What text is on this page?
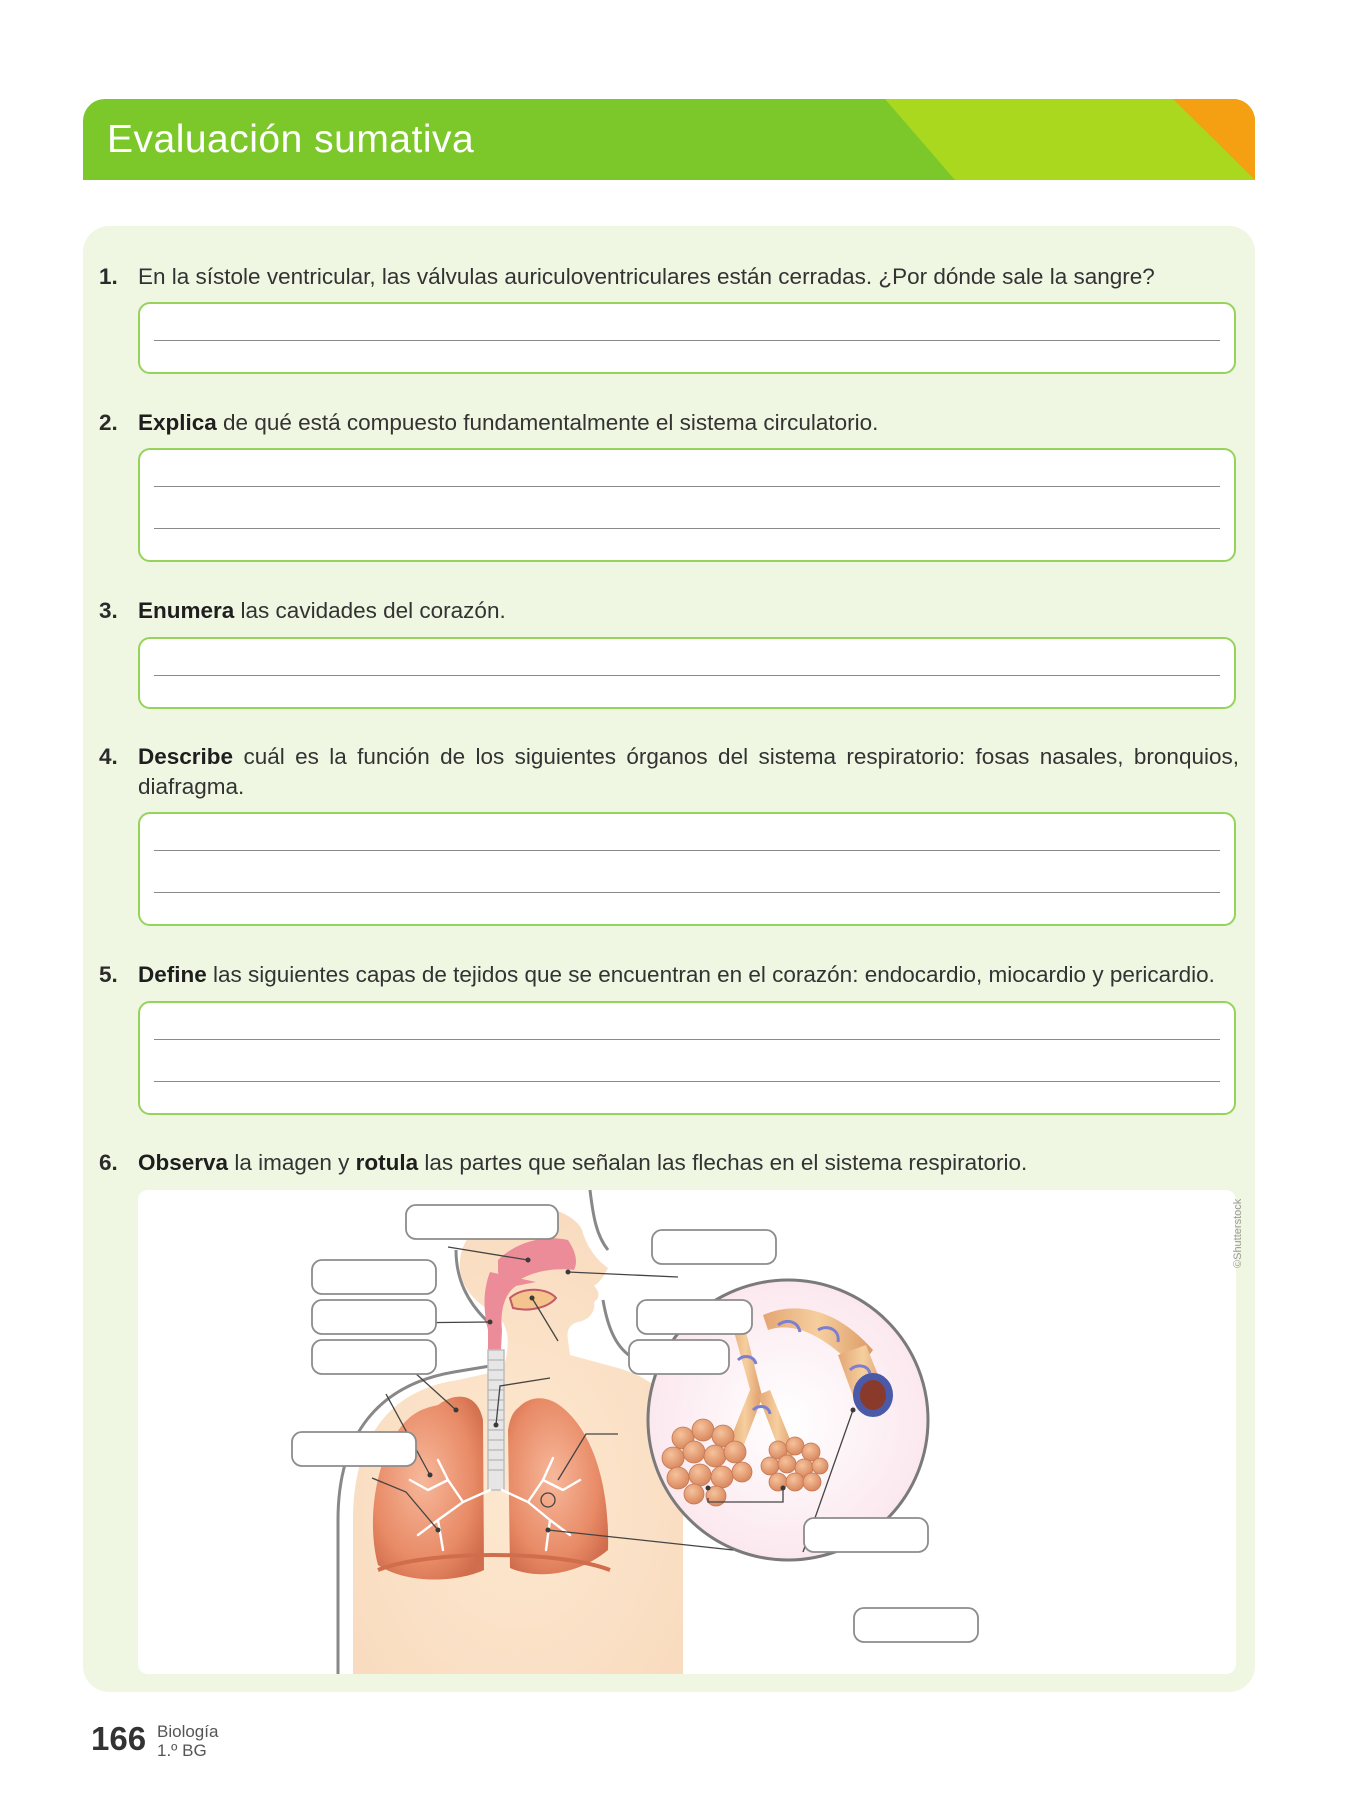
Evaluación sumativa
DUA
Acción y expresión
1. En la sístole ventricular, las válvulas auriculoventriculares están cerradas. ¿Por dónde sale la sangre?
2. Explica de qué está compuesto fundamentalmente el sistema circulatorio.
3. Enumera las cavidades del corazón.
4. Describe cuál es la función de los siguientes órganos del sistema respiratorio: fosas nasales, bronquios, diafragma.
5. Define las siguientes capas de tejidos que se encuentran en el corazón: endocardio, miocardio y pericardio.
6. Observa la imagen y rotula las partes que señalan las flechas en el sistema respiratorio.
©Shutterstock
166 Biología
1.º BG
